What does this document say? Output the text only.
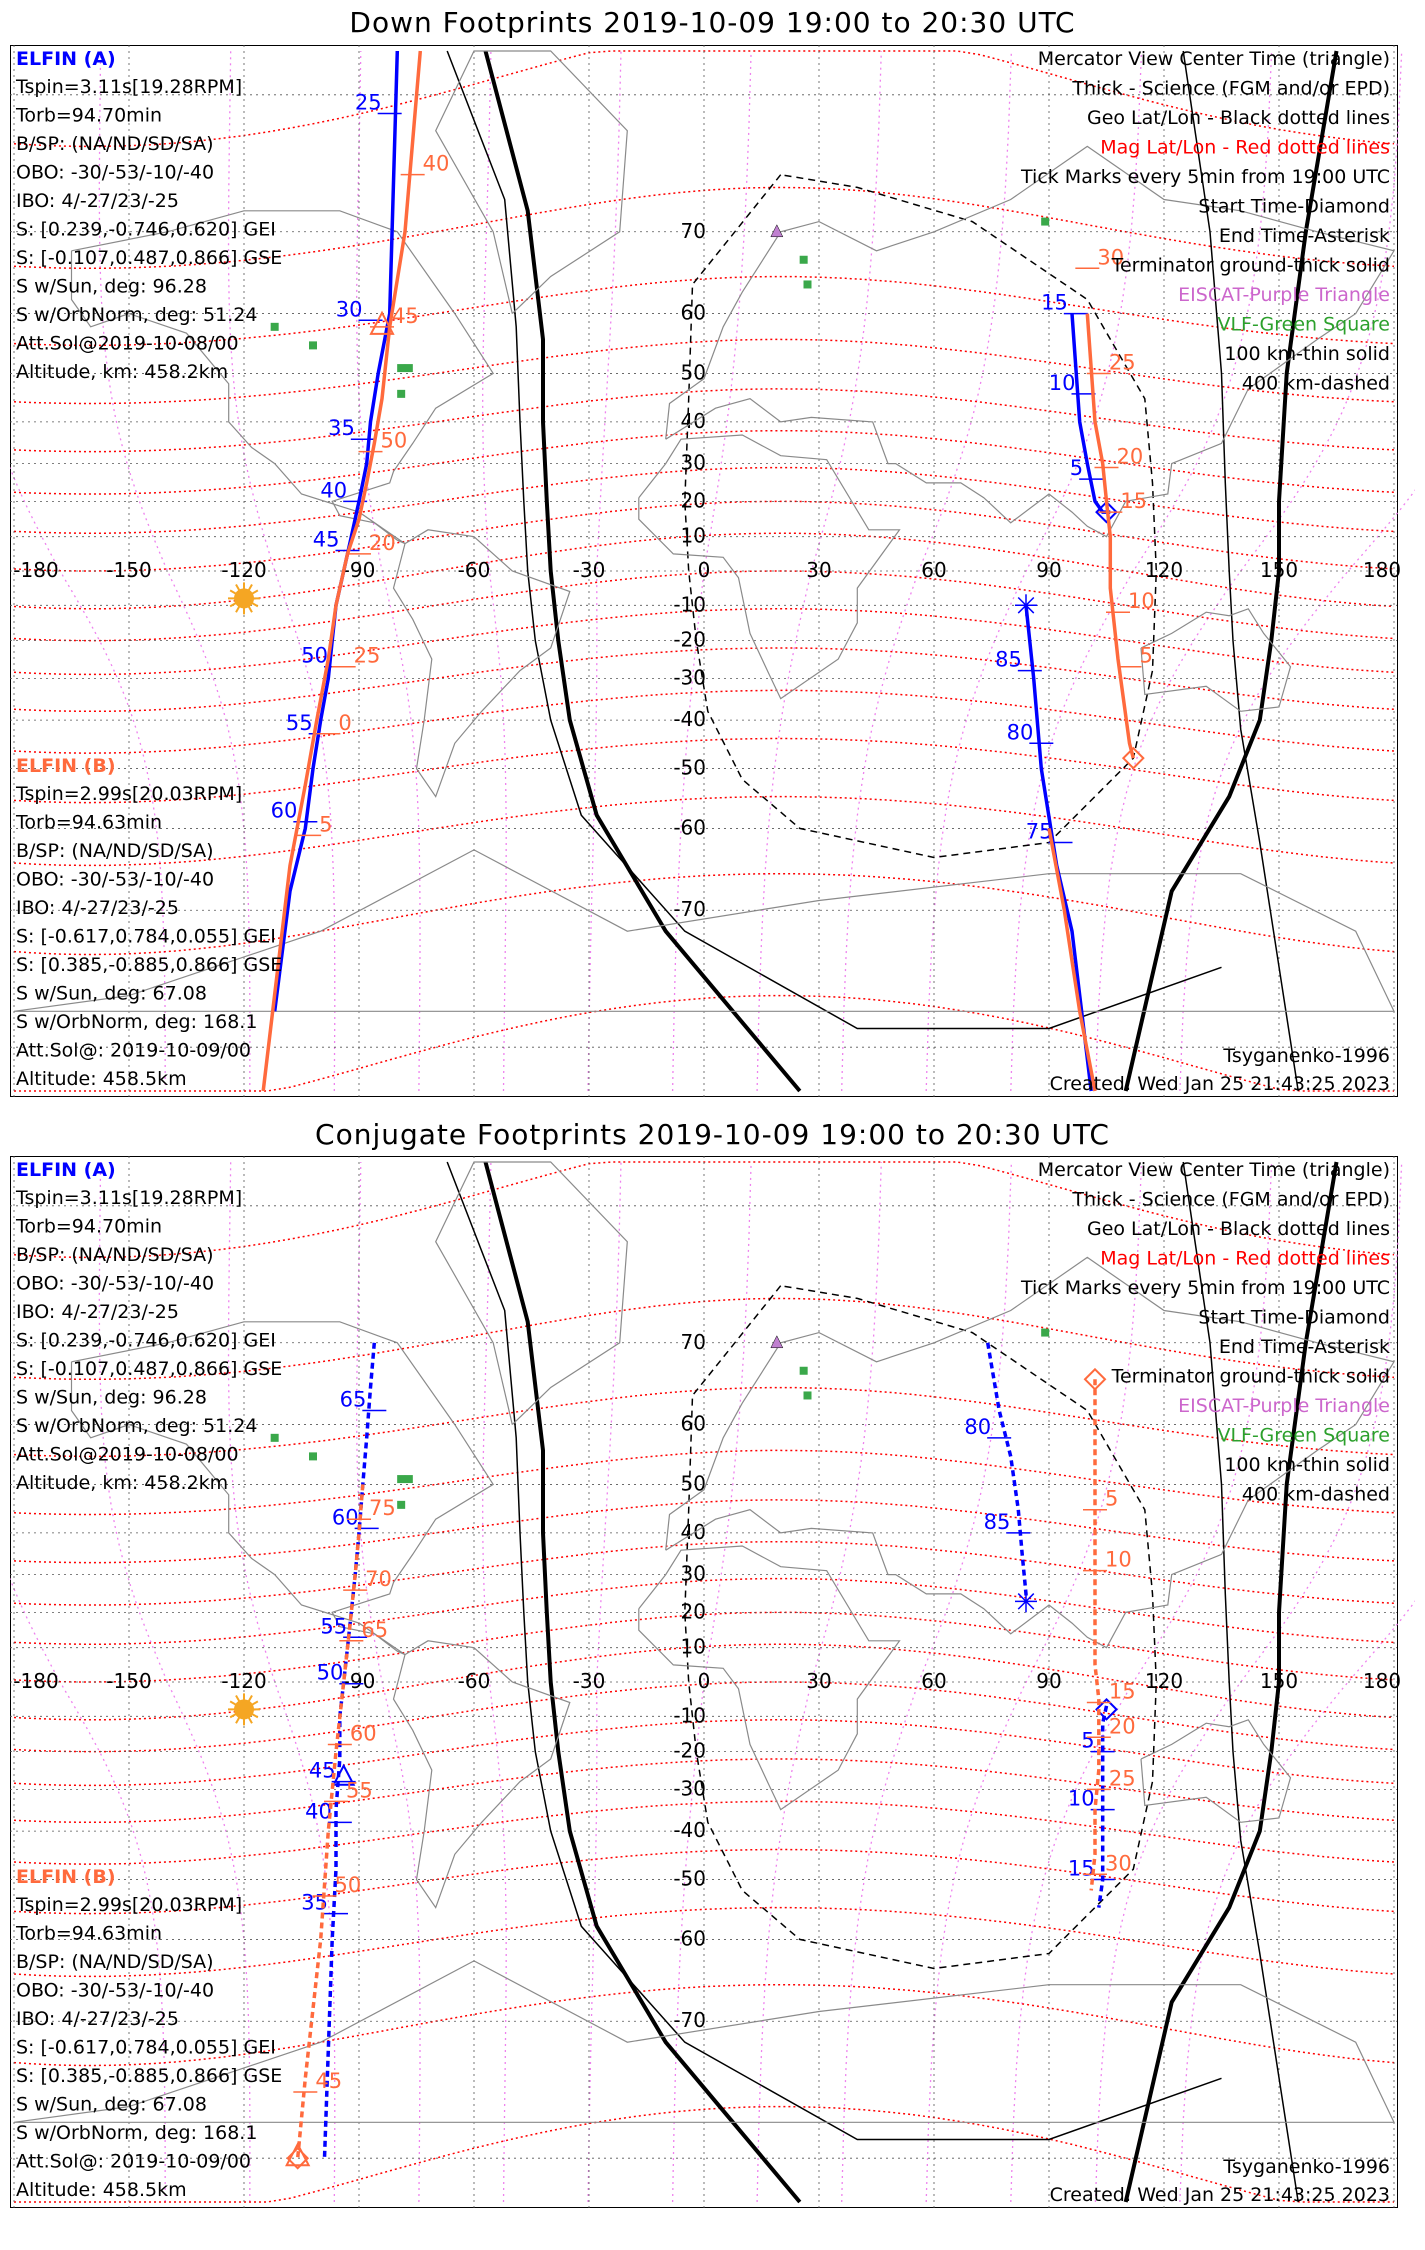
Down Footprints 2019-10-09 19:00 to 20:30 UTC
-180 -150	-120	-90	-60	-30	0	30	60	90	120	150	180
70
60
50
40
30
20
10
-10
-20
-30
-40
-50
-60
-70
25
30
35
40
45
50
55
60
15
10
5
85
80
75
40
45
50
20
25
0
5
30
25
20
15
10
5
ELFIN (A)
Tspin=3.11s[19.28RPM]
Torb=94.70min
B/SP: (NA/ND/SD/SA)
OBO: -30/-53/-10/-40
IBO: 4/-27/23/-25
S: [0.239,-0.746,0.620] GEI
S: [-0.107,0.487,0.866] GSE
S w/Sun, deg: 96.28
S w/OrbNorm, deg: 51.24
Att.Sol@2019-10-08/00
Altitude, km: 458.2km
ELFIN (B)
Tspin=2.99s[20.03RPM]
Torb=94.63min
B/SP: (NA/ND/SD/SA)
OBO: -30/-53/-10/-40
IBO: 4/-27/23/-25
S: [-0.617,0.784,0.055] GEI
S: [0.385,-0.885,0.866] GSE
S w/Sun, deg: 67.08
S w/OrbNorm, deg: 168.1
Att.Sol@: 2019-10-09/00
Altitude: 458.5km
Mercator View Center Time (triangle)
Thick - Science (FGM and/or EPD)
Geo Lat/Lon - Black dotted lines
Mag Lat/Lon - Red dotted lines
Tick Marks every 5min from 19:00 UTC
Start Time-Diamond
End Time-Asterisk
Terminator ground-thick solid
EISCAT-Purple Triangle
VLF-Green Square
100 km-thin solid
400 km-dashed
Tsyganenko-1996
Created: Wed Jan 25 21:43:25 2023
Conjugate Footprints 2019-10-09 19:00 to 20:30 UTC
-180 -150	-120	-90	-60	-30	0	30	60	90	120	150	180
70
60
50
40
30
20
10
-10
-20
-30
-40
-50
-60
-70
65
60
55
50
45
40
35
80
85
5
10
15
75
70
65
60
55
50
45
5
10
15
20
25
30
ELFIN (A)
Tspin=3.11s[19.28RPM]
Torb=94.70min
B/SP: (NA/ND/SD/SA)
OBO: -30/-53/-10/-40
IBO: 4/-27/23/-25
S: [0.239,-0.746,0.620] GEI
S: [-0.107,0.487,0.866] GSE
S w/Sun, deg: 96.28
S w/OrbNorm, deg: 51.24
Att.Sol@2019-10-08/00
Altitude, km: 458.2km
ELFIN (B)
Tspin=2.99s[20.03RPM]
Torb=94.63min
B/SP: (NA/ND/SD/SA)
OBO: -30/-53/-10/-40
IBO: 4/-27/23/-25
S: [-0.617,0.784,0.055] GEI
S: [0.385,-0.885,0.866] GSE
S w/Sun, deg: 67.08
S w/OrbNorm, deg: 168.1
Att.Sol@: 2019-10-09/00
Altitude: 458.5km
Mercator View Center Time (triangle)
Thick - Science (FGM and/or EPD)
Geo Lat/Lon - Black dotted lines
Mag Lat/Lon - Red dotted lines
Tick Marks every 5min from 19:00 UTC
Start Time-Diamond
End Time-Asterisk
Terminator ground-thick solid
EISCAT-Purple Triangle
VLF-Green Square
100 km-thin solid
400 km-dashed
Tsyganenko-1996
Created: Wed Jan 25 21:43:25 2023
